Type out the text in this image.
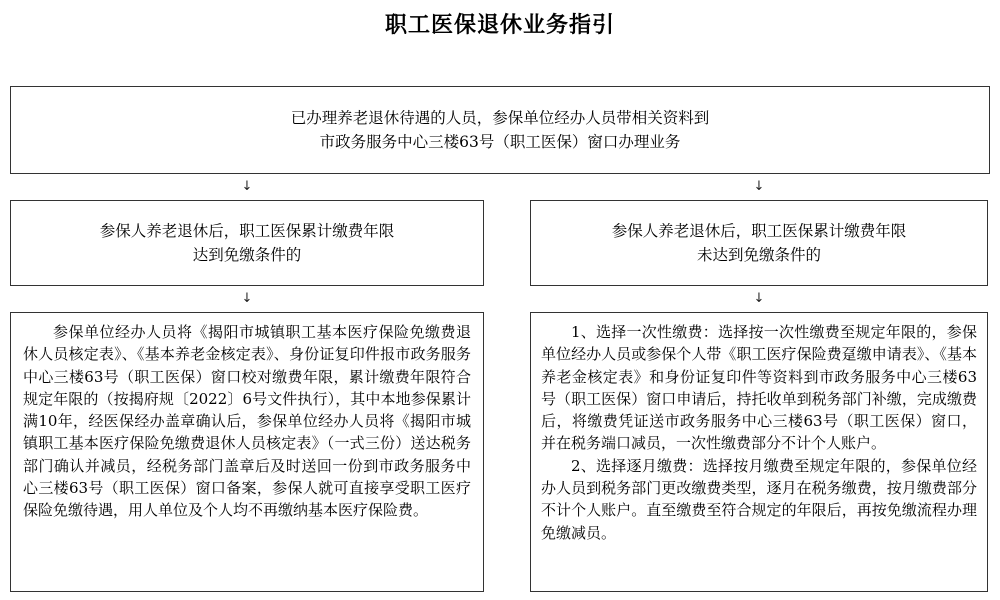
职工医保退休业务指引
已办理养老退休待遇的人员，参保单位经办人员带相关资料到
市政务服务中心三楼63号（职工医保）窗口办理业务
↓	↓
参保人养老退休后，职工医保累计缴费年限
达到免缴条件的
参保人养老退休后，职工医保累计缴费年限
未达到免缴条件的
↓	↓

参保单位经办人员将《揭阳市城镇职工基本医疗保险免缴费退休人员核定表》、《基本养老金核定表》、身份证复印件报市政务服务中心三楼63号（职工医保）窗口校对缴费年限，累计缴费年限符合规定年限的（按揭府规〔2022〕6号文件执行），其中本地参保累计满10年，经医保经办盖章确认后，参保单位经办人员将《揭阳市城镇职工基本医疗保险免缴费退休人员核定表》（一式三份）送达税务部门确认并减员，经税务部门盖章后及时送回一份到市政务服务中心三楼63号（职工医保）窗口备案，参保人就可直接享受职工医疗保险免缴待遇，用人单位及个人均不再缴纳基本医疗保险费。

1、选择一次性缴费：选择按一次性缴费至规定年限的，参保单位经办人员或参保个人带《职工医疗保险费趸缴申请表》、《基本养老金核定表》和身份证复印件等资料到市政务服务中心三楼63号（职工医保）窗口申请后，持托收单到税务部门补缴，完成缴费后，将缴费凭证送市政务服务中心三楼63号（职工医保）窗口，并在税务端口减员，一次性缴费部分不计个人账户。

2、选择逐月缴费：选择按月缴费至规定年限的，参保单位经办人员到税务部门更改缴费类型，逐月在税务缴费，按月缴费部分不计个人账户。直至缴费至符合规定的年限后，再按免缴流程办理免缴减员。
